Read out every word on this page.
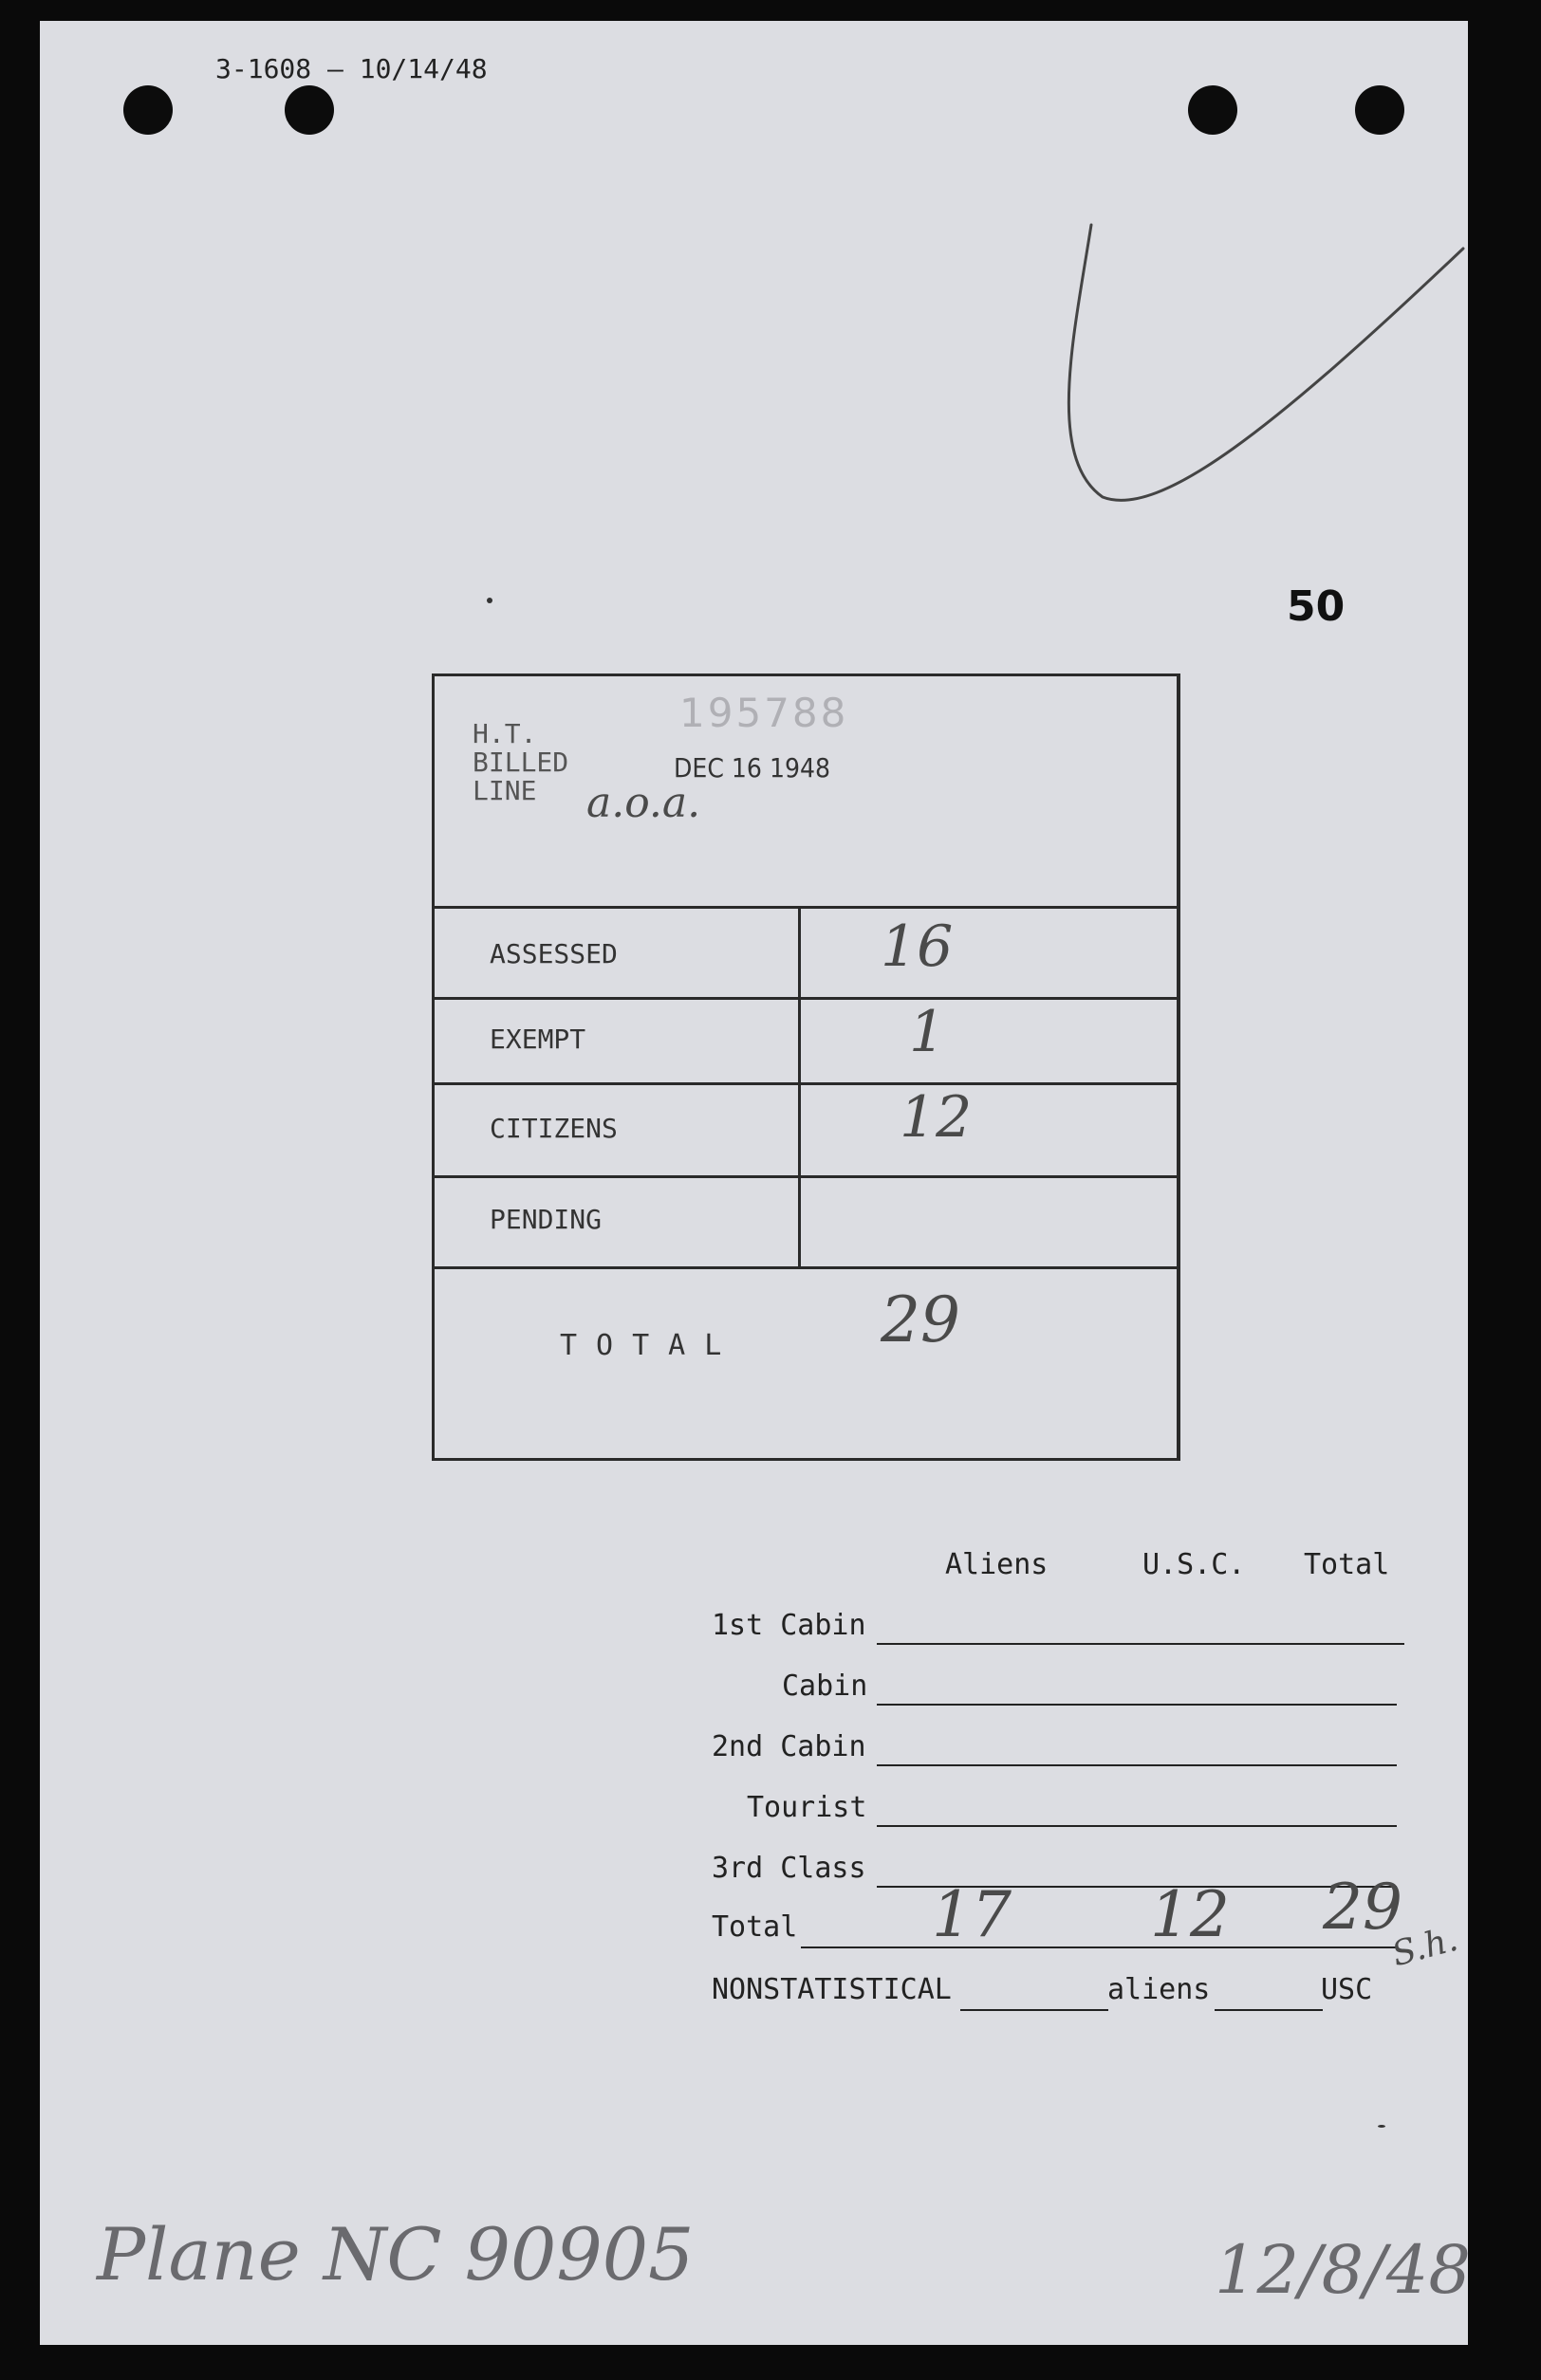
3-1608 — 10/14/48
50
H.T.
BILLED
LINE
195788
DEC 16 1948
a.o.a.
ASSESSED	16
EXEMPT	1
CITIZENS	12
PENDING
TOTAL 29
Aliens	U.S.C. Total
1st Cabin
Cabin
2nd Cabin
Tourist
3rd Class
Total 17 12 29
S.h.
NONSTATISTICAL	aliens	USC
Plane NC 90905	12/8/48
